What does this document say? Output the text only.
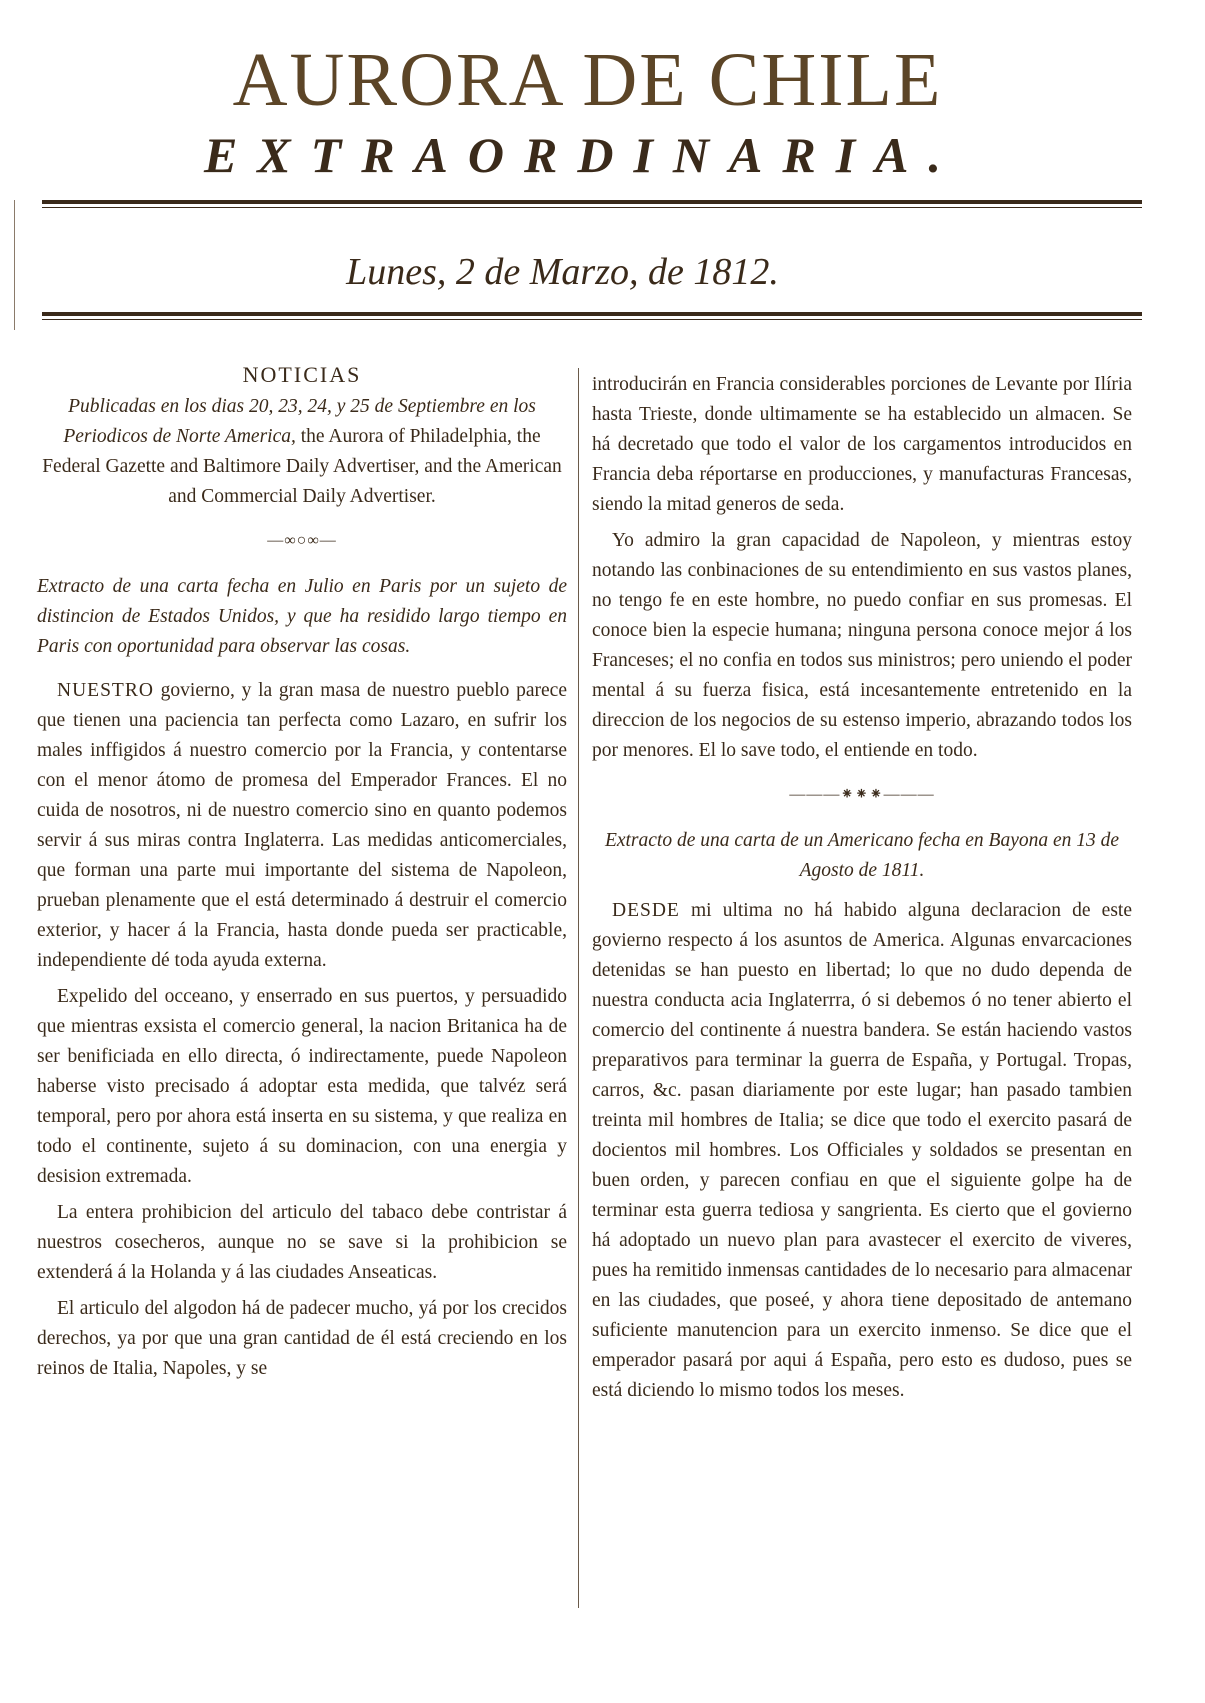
AURORA DE CHILE
EXTRAORDINARIA.
Lunes, 2 de Marzo, de 1812.
NOTICIAS

Publicadas en los dias 20, 23, 24, y 25 de Septiembre en los Periodicos de Norte America, the Aurora of Philadelphia, the Federal Gazette and Baltimore Daily Advertiser, and the American and Commercial Daily Advertiser.

—∞○∞—

Extracto de una carta fecha en Julio en Paris por un sujeto de distincion de Estados Unidos, y que ha residido largo tiempo en Paris con oportunidad para observar las cosas.

NUESTRO govierno, y la gran masa de nuestro pueblo parece que tienen una paciencia tan perfecta como Lazaro, en sufrir los males inffigidos á nuestro comercio por la Francia, y contentarse con el menor átomo de promesa del Emperador Frances. El no cuida de nosotros, ni de nuestro comercio sino en quanto podemos servir á sus miras contra Inglaterra. Las medidas anticomerciales, que forman una parte mui importante del sistema de Napoleon, prueban plenamente que el está determinado á destruir el comercio exterior, y hacer á la Francia, hasta donde pueda ser practicable, independiente dé toda ayuda externa.

Expelido del occeano, y enserrado en sus puertos, y persuadido que mientras exsista el comercio general, la nacion Britanica ha de ser benificiada en ello directa, ó indirectamente, puede Napoleon haberse visto precisado á adoptar esta medida, que talvéz será temporal, pero por ahora está inserta en su sistema, y que realiza en todo el continente, sujeto á su dominacion, con una energia y desision extremada.

La entera prohibicion del articulo del tabaco debe contristar á nuestros cosecheros, aunque no se save si la prohibicion se extenderá á la Holanda y á las ciudades Anseaticas.

El articulo del algodon há de padecer mucho, yá por los crecidos derechos, ya por que una gran cantidad de él está creciendo en los reinos de Italia, Napoles, y se

introducirán en Francia considerables porciones de Levante por Ilíria hasta Trieste, donde ultimamente se ha establecido un almacen. Se há decretado que todo el valor de los cargamentos introducidos en Francia deba réportarse en producciones, y manufacturas Francesas, siendo la mitad generos de seda.

Yo admiro la gran capacidad de Napoleon, y mientras estoy notando las conbinaciones de su entendimiento en sus vastos planes, no tengo fe en este hombre, no puedo confiar en sus promesas. El conoce bien la especie humana; ninguna persona conoce mejor á los Franceses; el no confia en todos sus ministros; pero uniendo el poder mental á su fuerza fisica, está incesantemente entretenido en la direccion de los negocios de su estenso imperio, abrazando todos los por menores. El lo save todo, el entiende en todo.

———⁕⁕⁕———

Extracto de una carta de un Americano fecha en Bayona en 13 de Agosto de 1811.

DESDE mi ultima no há habido alguna declaracion de este govierno respecto á los asuntos de America. Algunas envarcaciones detenidas se han puesto en libertad; lo que no dudo dependa de nuestra conducta acia Inglaterrra, ó si debemos ó no tener abierto el comercio del continente á nuestra bandera. Se están haciendo vastos preparativos para terminar la guerra de España, y Portugal. Tropas, carros, &c. pasan diariamente por este lugar; han pasado tambien treinta mil hombres de Italia; se dice que todo el exercito pasará de docientos mil hombres. Los Officiales y soldados se presentan en buen orden, y parecen confiau en que el siguiente golpe ha de terminar esta guerra tediosa y sangrienta. Es cierto que el govierno há adoptado un nuevo plan para avastecer el exercito de viveres, pues ha remitido inmensas cantidades de lo necesario para almacenar en las ciudades, que poseé, y ahora tiene depositado de antemano suficiente manutencion para un exercito inmenso. Se dice que el emperador pasará por aqui á España, pero esto es dudoso, pues se está diciendo lo mismo todos los meses.
